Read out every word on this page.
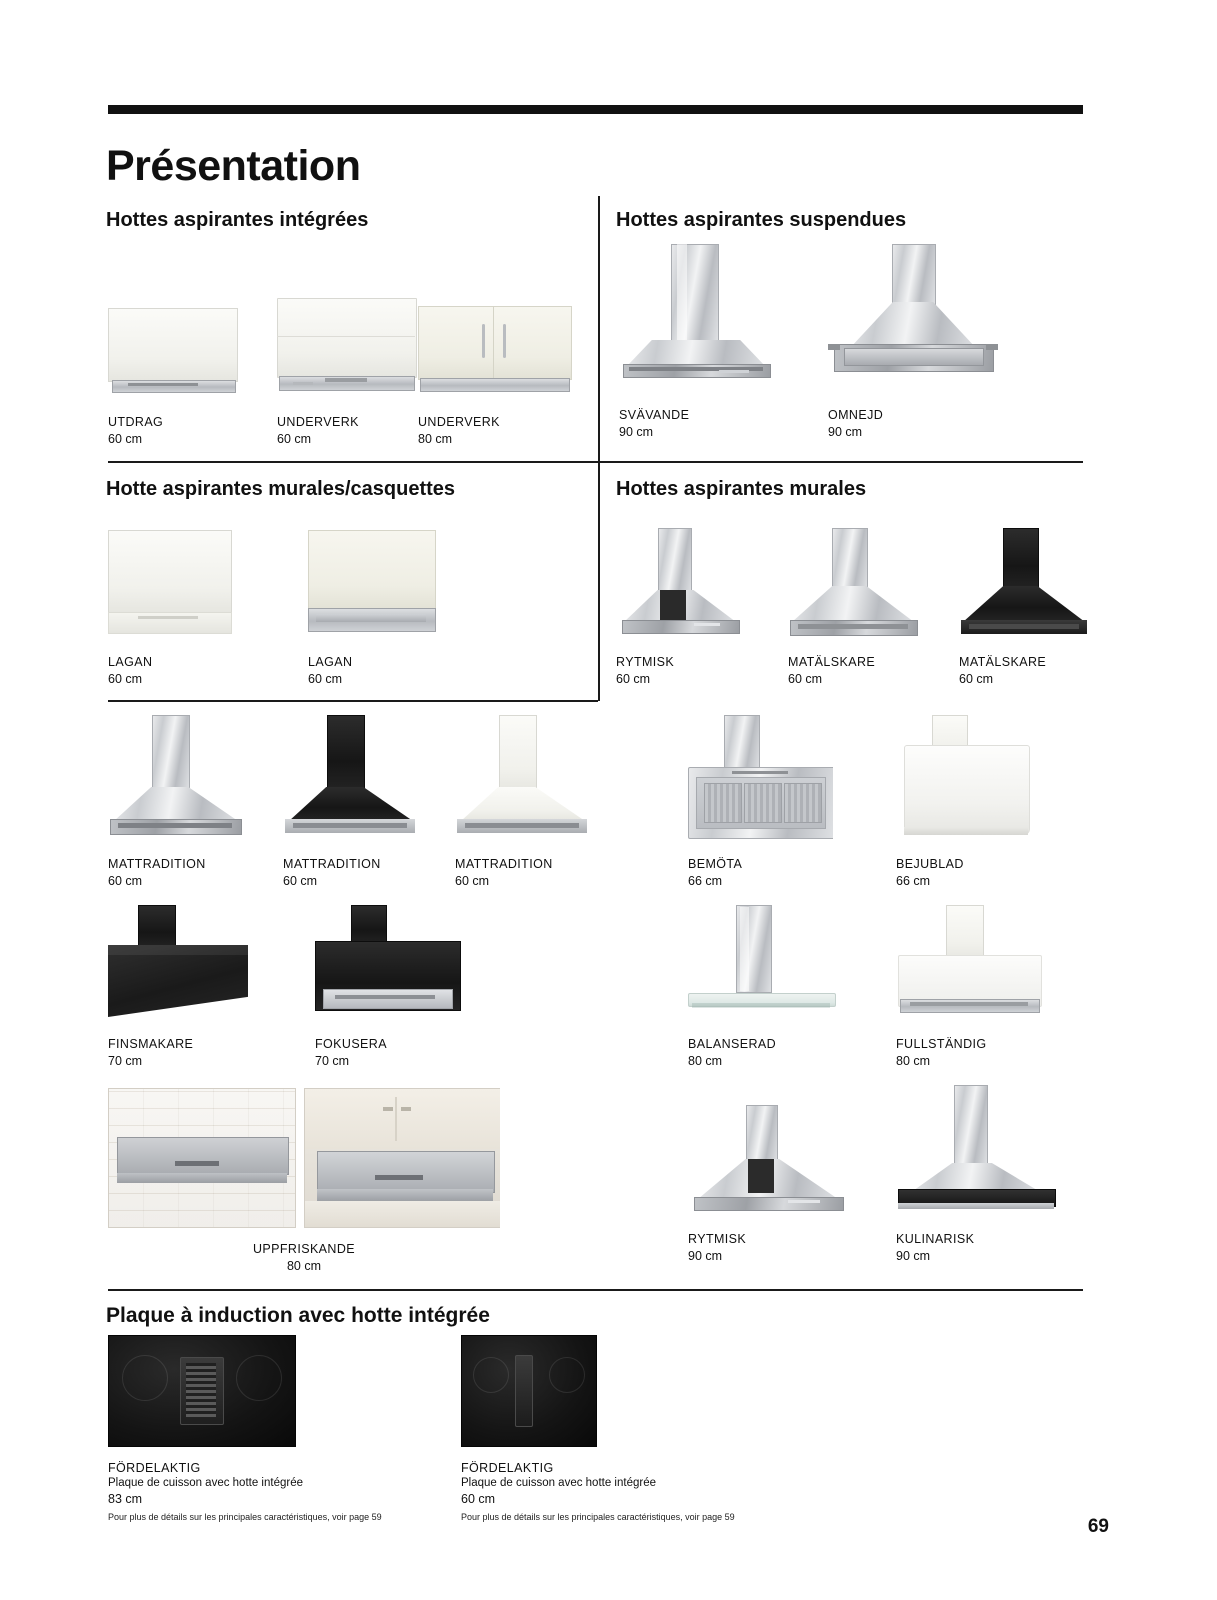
Présentation
Hottes aspirantes intégrées	Hottes aspirantes suspendues
Hotte aspirantes murales/casquettes	Hottes aspirantes murales
Plaque à induction avec hotte intégrée
UTDRAG
60 cm
UNDERVERK
60 cm
UNDERVERK
80 cm
SVÄVANDE
90 cm
OMNEJD
90 cm
LAGAN
60 cm
LAGAN
60 cm
RYTMISK
60 cm
MATÄLSKARE
60 cm
MATÄLSKARE
60 cm
MATTRADITION
60 cm
MATTRADITION
60 cm
MATTRADITION
60 cm
BEMÖTA
66 cm
BEJUBLAD
66 cm
FINSMAKARE
70 cm
FOKUSERA
70 cm
BALANSERAD
80 cm
FULLSTÄNDIG
80 cm
UPPFRISKANDE
80 cm
RYTMISK
90 cm
KULINARISK
90 cm
FÖRDELAKTIG
Plaque de cuisson avec hotte intégrée
83 cm
Pour plus de détails sur les principales caractéristiques, voir page 59
FÖRDELAKTIG
Plaque de cuisson avec hotte intégrée
60 cm
Pour plus de détails sur les principales caractéristiques, voir page 59	69
